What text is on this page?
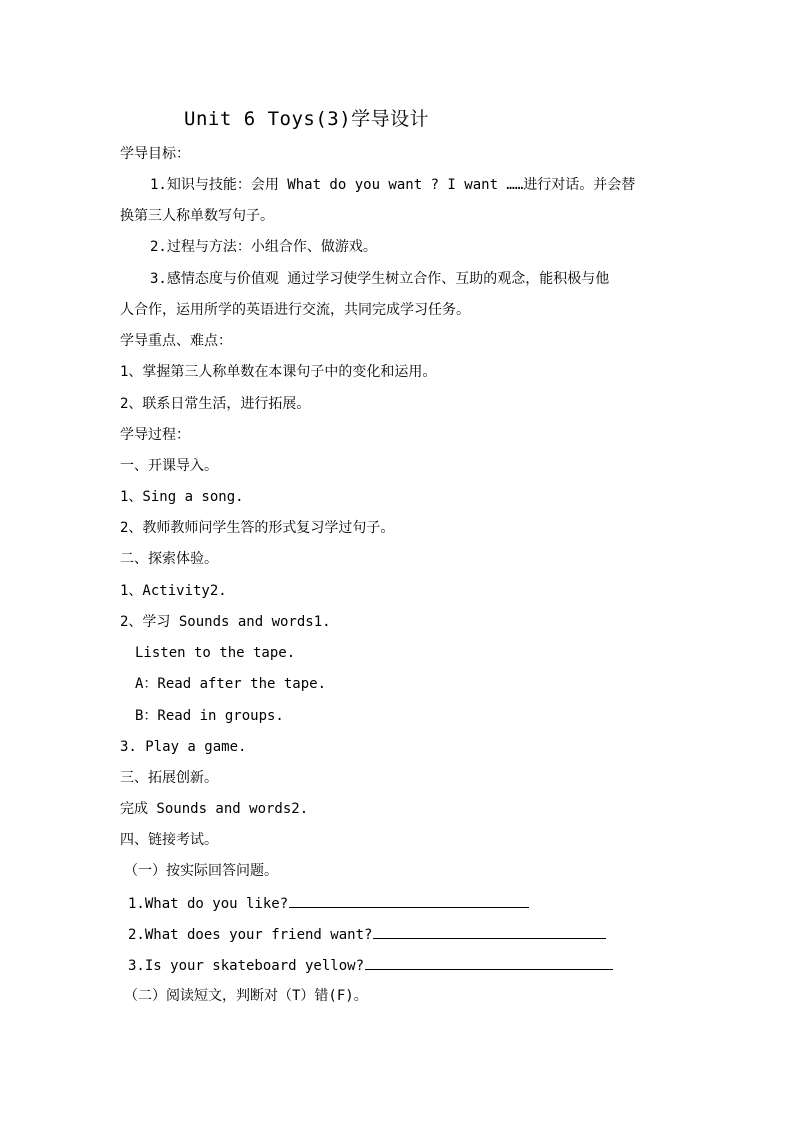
Unit 6 Toys(3)学导设计
学导目标：
1.知识与技能：会用 What do you want ? I want ……进行对话。并会替
换第三人称单数写句子。
2.过程与方法：小组合作、做游戏。
3.感情态度与价值观 通过学习使学生树立合作、互助的观念，能积极与他
人合作，运用所学的英语进行交流，共同完成学习任务。
学导重点、难点：
1、掌握第三人称单数在本课句子中的变化和运用。
2、联系日常生活，进行拓展。
学导过程：
一、开课导入。
1、Sing a song.
2、教师教师问学生答的形式复习学过句子。
二、探索体验。
1、Activity2.
2、学习 Sounds and words1.
Listen to the tape.
A：Read after the tape.
B：Read in groups.
3. Play a game.
三、拓展创新。
完成 Sounds and words2.
四、链接考试。
（一）按实际回答问题。
1.What do you like?
2.What does your friend want?
3.Is your skateboard yellow?
（二）阅读短文，判断对（T）错(F)。
